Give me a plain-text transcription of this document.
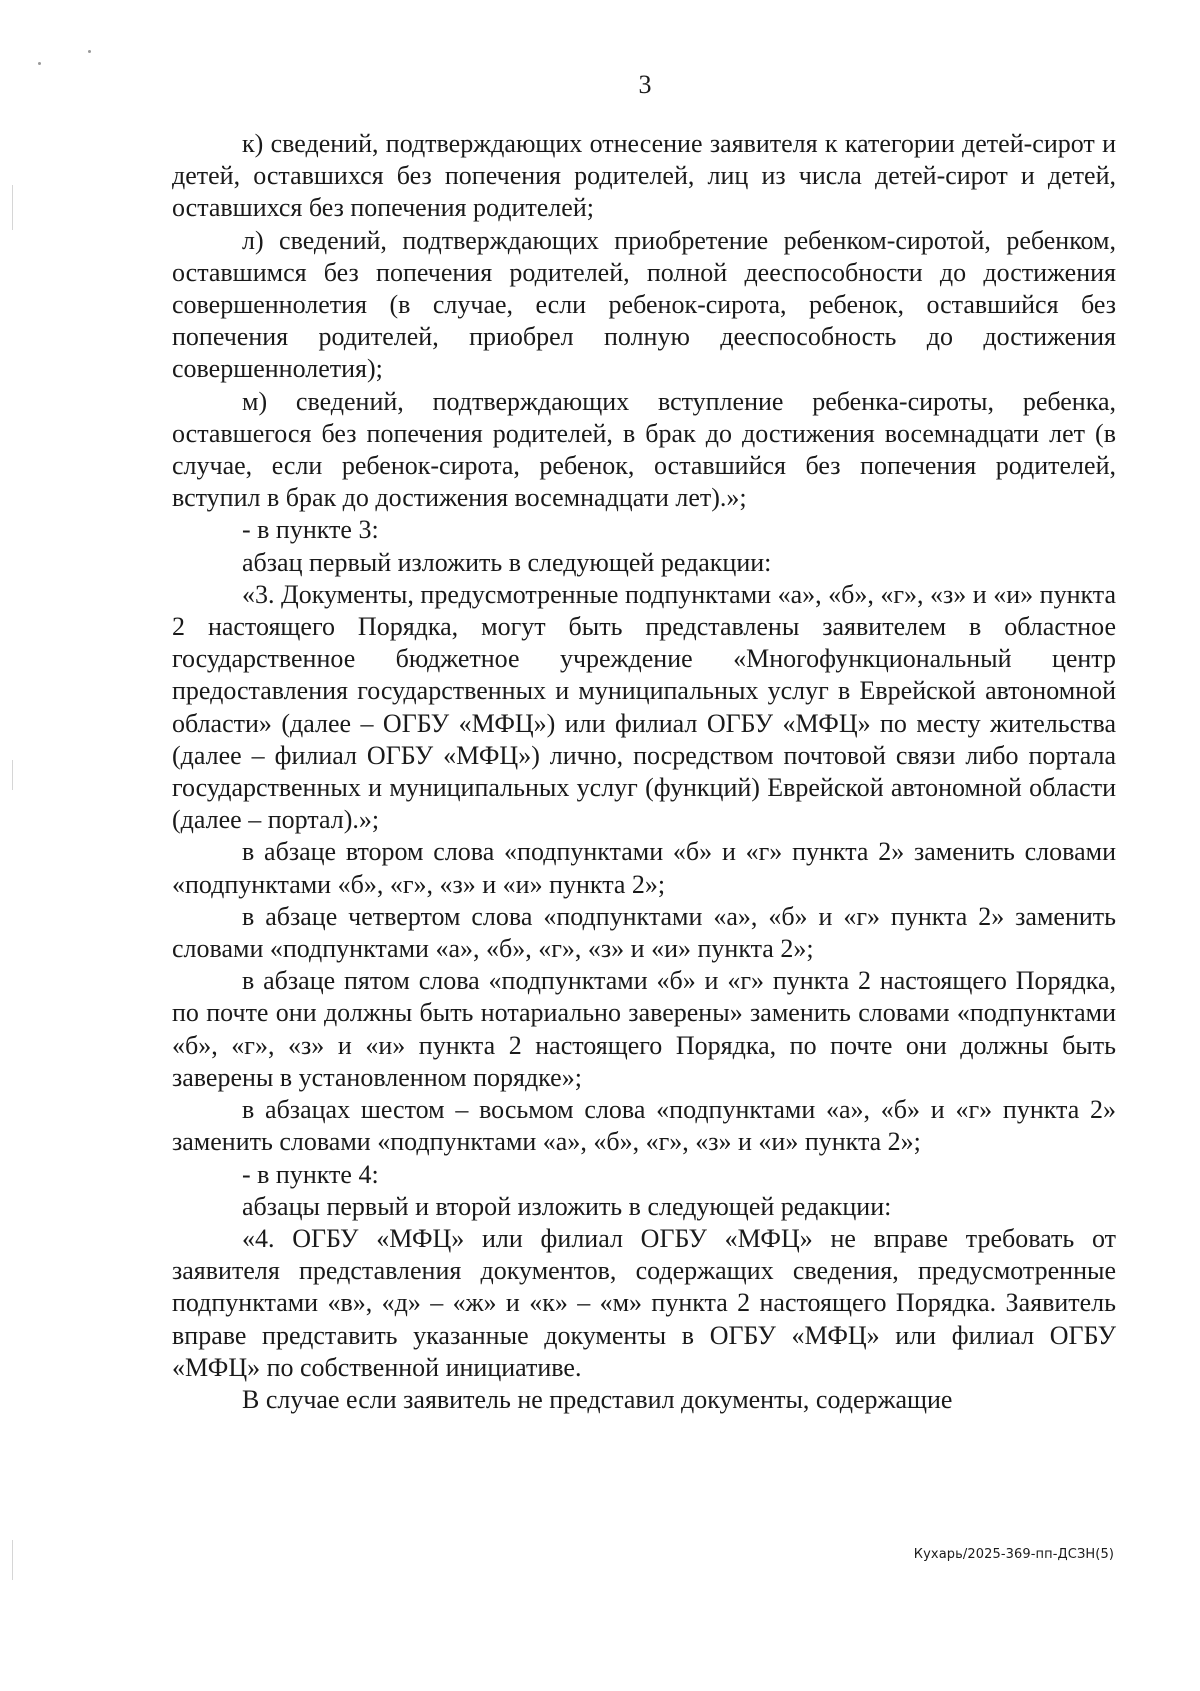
3

к) сведений, подтверждающих отнесение заявителя к категории детей-сирот и детей, оставшихся без попечения родителей, лиц из числа детей-сирот и детей, оставшихся без попечения родителей;

л) сведений, подтверждающих приобретение ребенком-сиротой, ребенком, оставшимся без попечения родителей, полной дееспособности до достижения совершеннолетия (в случае, если ребенок-сирота, ребенок, оставшийся без попечения родителей, приобрел полную дееспособность до достижения совершеннолетия);

м) сведений, подтверждающих вступление ребенка-сироты, ребенка, оставшегося без попечения родителей, в брак до достижения восемнадцати лет (в случае, если ребенок-сирота, ребенок, оставшийся без попечения родителей, вступил в брак до достижения восемнадцати лет).»;

- в пункте 3:

абзац первый изложить в следующей редакции:

«3. Документы, предусмотренные подпунктами «а», «б», «г», «з» и «и» пункта 2 настоящего Порядка, могут быть представлены заявителем в областное государственное бюджетное учреждение «Многофункциональный центр предоставления государственных и муниципальных услуг в Еврейской автономной области» (далее – ОГБУ «МФЦ») или филиал ОГБУ «МФЦ» по месту жительства (далее – филиал ОГБУ «МФЦ») лично, посредством почтовой связи либо портала государственных и муниципальных услуг (функций) Еврейской автономной области (далее – портал).»;

в абзаце втором слова «подпунктами «б» и «г» пункта 2» заменить словами «подпунктами «б», «г», «з» и «и» пункта 2»;

в абзаце четвертом слова «подпунктами «а», «б» и «г» пункта 2» заменить словами «подпунктами «а», «б», «г», «з» и «и» пункта 2»;

в абзаце пятом слова «подпунктами «б» и «г» пункта 2 настоящего Порядка, по почте они должны быть нотариально заверены» заменить словами «подпунктами «б», «г», «з» и «и» пункта 2 настоящего Порядка, по почте они должны быть заверены в установленном порядке»;

в абзацах шестом – восьмом слова «подпунктами «а», «б» и «г» пункта 2» заменить словами «подпунктами «а», «б», «г», «з» и «и» пункта 2»;

- в пункте 4:

абзацы первый и второй изложить в следующей редакции:

«4. ОГБУ «МФЦ» или филиал ОГБУ «МФЦ» не вправе требовать от заявителя представления документов, содержащих сведения, предусмотренные подпунктами «в», «д» – «ж» и «к» – «м» пункта 2 настоящего Порядка. Заявитель вправе представить указанные документы в ОГБУ «МФЦ» или филиал ОГБУ «МФЦ» по собственной инициативе.

В случае если заявитель не представил документы, содержащие

Кухарь/2025-369-пп-ДСЗН(5)
